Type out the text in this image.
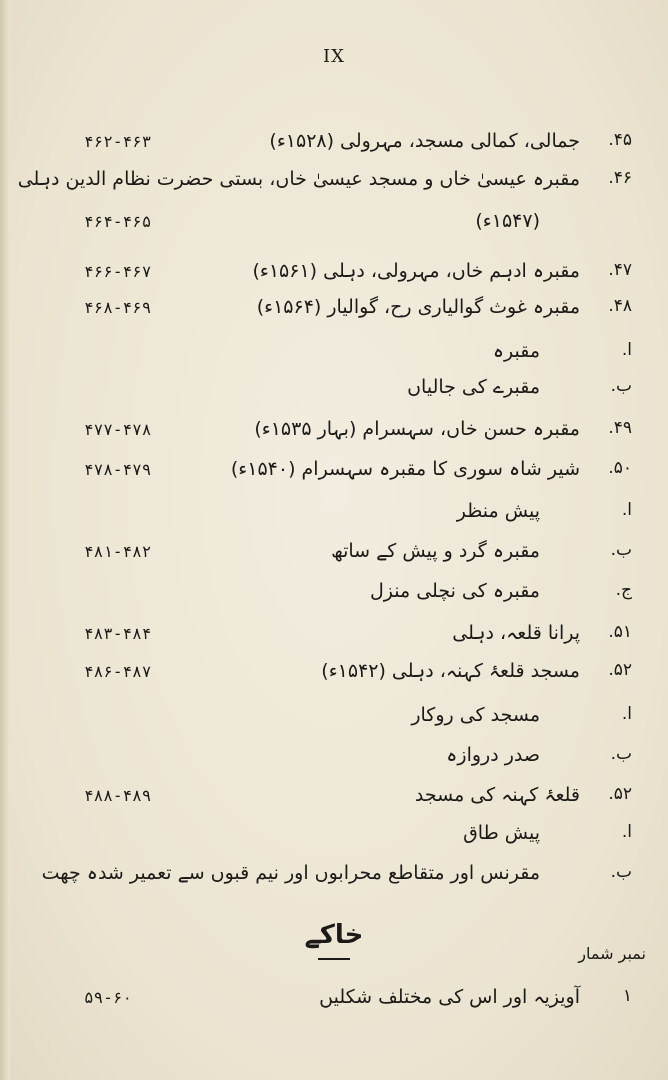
IX
۴۵.
جمالی، کمالی مسجد، مہرولی (۱۵۲۸ء)
۴۶۲-۴۶۳
۴۶.
مقبرہ عیسیٰ خاں و مسجد عیسیٰ خاں، بستی حضرت نظام الدین دہلی
(۱۵۴۷ء)
۴۶۴-۴۶۵
۴۷.
مقبرہ ادہم خاں، مہرولی، دہلی (۱۵۶۱ء)
۴۶۶-۴۶۷
۴۸.
مقبرہ غوث گوالیاری رح، گوالیار (۱۵۶۴ء)
۴۶۸-۴۶۹
ا.
مقبرہ
ب.
مقبرے کی جالیاں
۴۹.
مقبرہ حسن خاں، سہسرام (بہار ۱۵۳۵ء)
۴۷۷-۴۷۸
۵۰.
شیر شاہ سوری کا مقبرہ سہسرام (۱۵۴۰ء)
۴۷۸-۴۷۹
ا.
پیش منظر
ب.
مقبرہ گرد و پیش کے ساتھ
۴۸۱-۴۸۲
ج.
مقبرہ کی نچلی منزل
۵۱.
پرانا قلعہ، دہلی
۴۸۳-۴۸۴
۵۲.
مسجد قلعۂ کہنہ، دہلی (۱۵۴۲ء)
۴۸۶-۴۸۷
ا.
مسجد کی روکار
ب.
صدر دروازہ
۵۲.
قلعۂ کہنہ کی مسجد
۴۸۸-۴۸۹
ا.
پیش طاق
ب.
مقرنس اور متقاطع محرابوں اور نیم قبوں سے تعمیر شدہ چھت
خاکے
نمبر شمار
۱
آویزیہ اور اس کی مختلف شکلیں
۵۹-۶۰
